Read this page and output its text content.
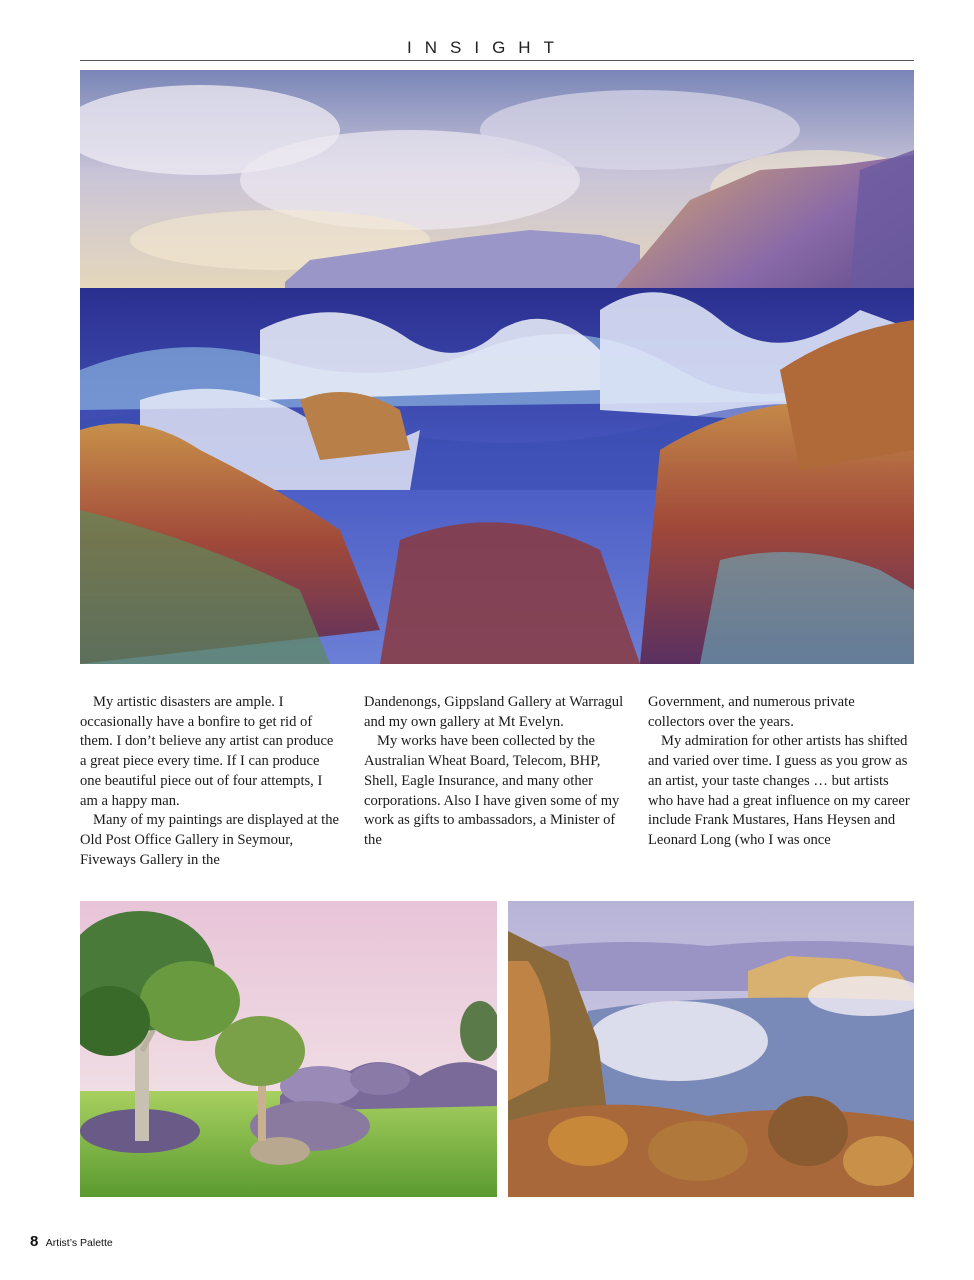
INSIGHT

My artistic disasters are ample. I occasionally have a bonfire to get rid of them. I don’t believe any artist can produce a great piece every time. If I can produce one beautiful piece out of four attempts, I am a happy man.

Many of my paintings are displayed at the Old Post Office Gallery in Seymour, Fiveways Gallery in the

Dandenongs, Gippsland Gallery at Warragul and my own gallery at Mt Evelyn.

My works have been collected by the Australian Wheat Board, Telecom, BHP, Shell, Eagle Insurance, and many other corporations. Also I have given some of my work as gifts to ambassadors, a Minister of the

Government, and numerous private collectors over the years.

My admiration for other artists has shifted and varied over time. I guess as you grow as an artist, your taste changes … but artists who have had a great influence on my career include Frank Mustares, Hans Heysen and Leonard Long (who I was once

8 Artist’s Palette
